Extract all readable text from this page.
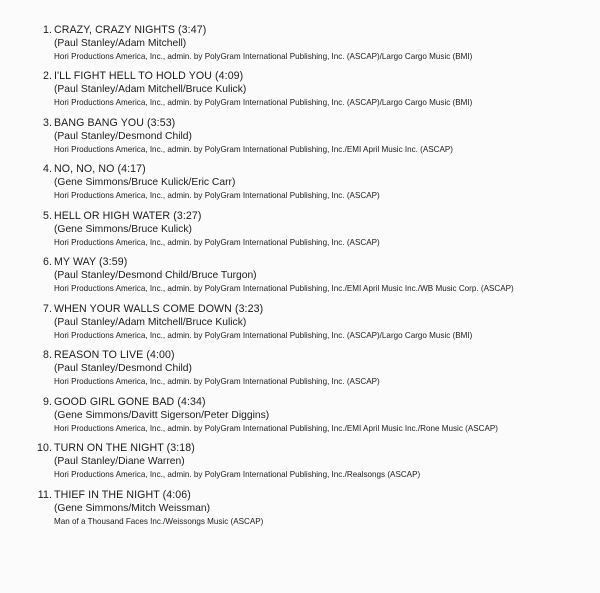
1. CRAZY, CRAZY NIGHTS (3:47)
(Paul Stanley/Adam Mitchell)
Hori Productions America, Inc., admin. by PolyGram International Publishing, Inc. (ASCAP)/Largo Cargo Music (BMI)
2. I'LL FIGHT HELL TO HOLD YOU (4:09)
(Paul Stanley/Adam Mitchell/Bruce Kulick)
Hori Productions America, Inc., admin. by PolyGram International Publishing, Inc. (ASCAP)/Largo Cargo Music (BMI)
3. BANG BANG YOU (3:53)
(Paul Stanley/Desmond Child)
Hori Productions America, Inc., admin. by PolyGram International Publishing, Inc./EMI April Music Inc. (ASCAP)
4. NO, NO, NO (4:17)
(Gene Simmons/Bruce Kulick/Eric Carr)
Hori Productions America, Inc., admin. by PolyGram International Publishing, Inc. (ASCAP)
5. HELL OR HIGH WATER (3:27)
(Gene Simmons/Bruce Kulick)
Hori Productions America, Inc., admin. by PolyGram International Publishing, Inc. (ASCAP)
6. MY WAY (3:59)
(Paul Stanley/Desmond Child/Bruce Turgon)
Hori Productions America, Inc., admin. by PolyGram International Publishing, Inc./EMI April Music Inc./WB Music Corp. (ASCAP)
7. WHEN YOUR WALLS COME DOWN (3:23)
(Paul Stanley/Adam Mitchell/Bruce Kulick)
Hori Productions America, Inc., admin. by PolyGram International Publishing, Inc. (ASCAP)/Largo Cargo Music (BMI)
8. REASON TO LIVE (4:00)
(Paul Stanley/Desmond Child)
Hori Productions America, Inc., admin. by PolyGram International Publishing, Inc. (ASCAP)
9. GOOD GIRL GONE BAD (4:34)
(Gene Simmons/Davitt Sigerson/Peter Diggins)
Hori Productions America, Inc., admin. by PolyGram International Publishing, Inc./EMI April Music Inc./Rone Music (ASCAP)
10. TURN ON THE NIGHT (3:18)
(Paul Stanley/Diane Warren)
Hori Productions America, Inc., admin. by PolyGram International Publishing, Inc./Realsongs (ASCAP)
11. THIEF IN THE NIGHT (4:06)
(Gene Simmons/Mitch Weissman)
Man of a Thousand Faces Inc./Weissongs Music (ASCAP)
